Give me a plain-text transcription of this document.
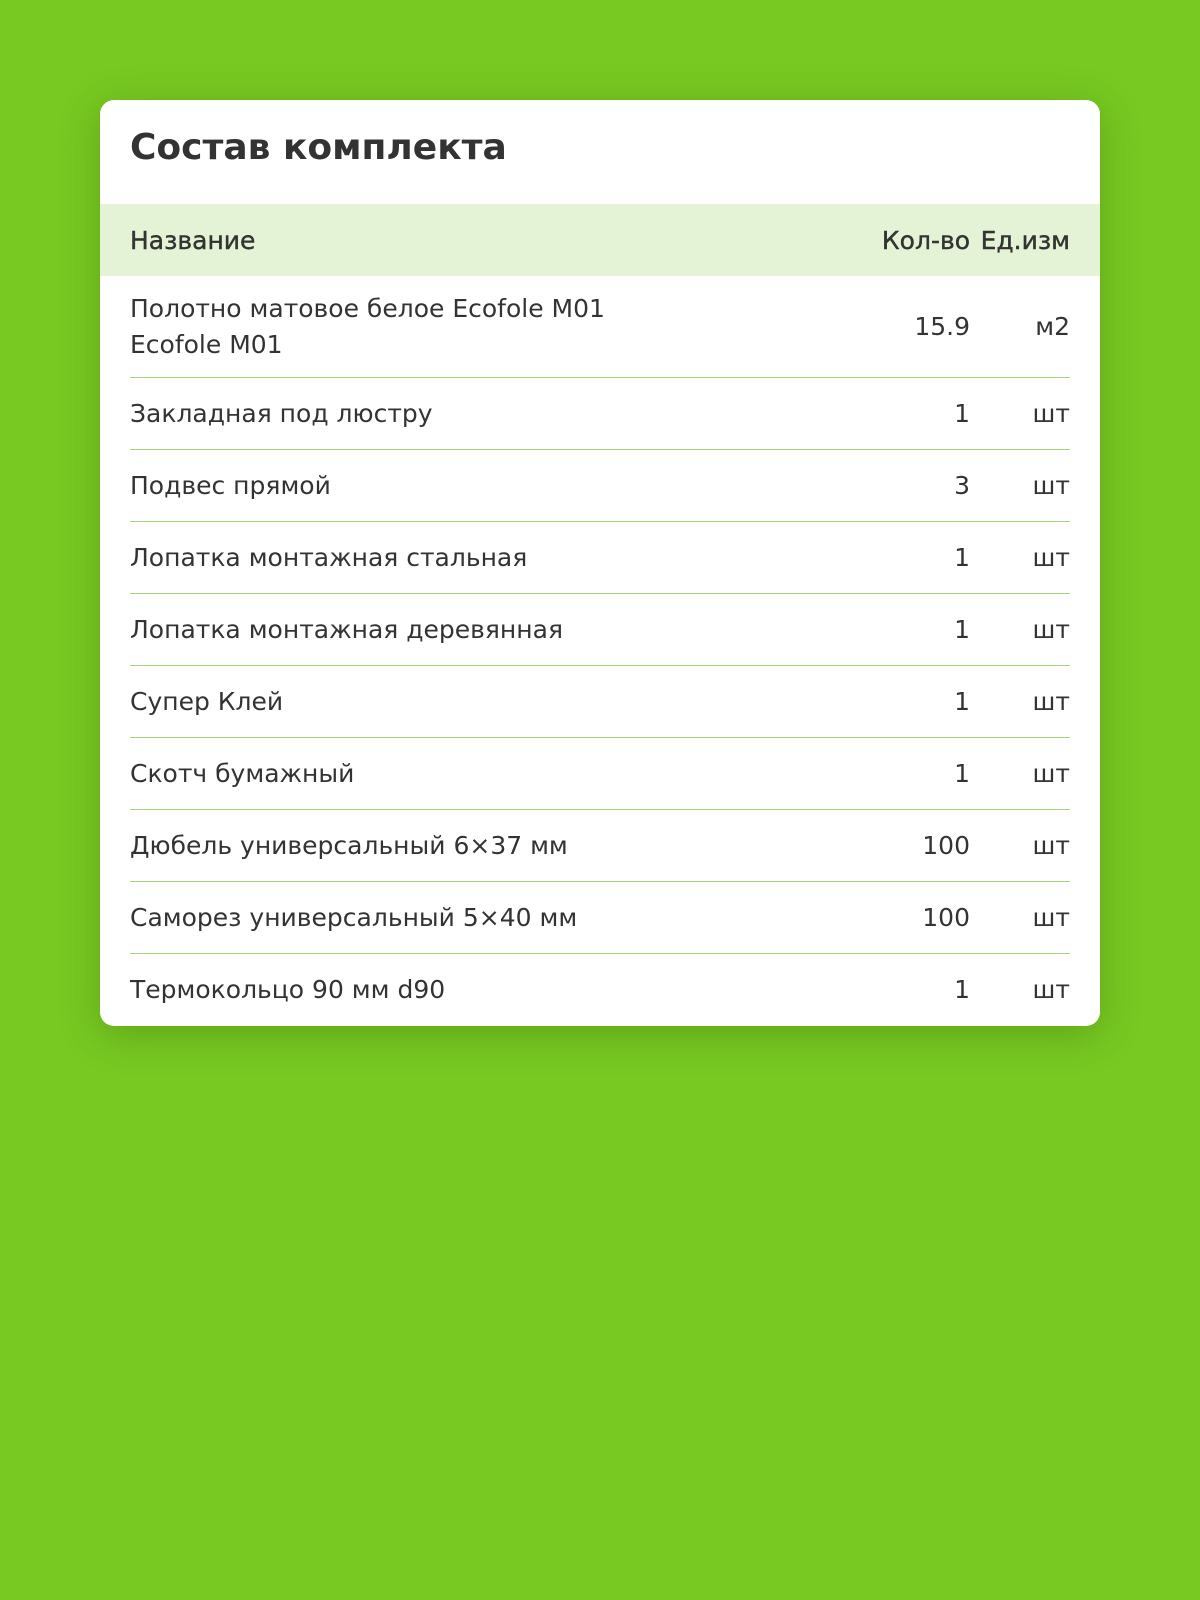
Состав комплекта
Название	Кол-во	Ед.изм
Полотно матовое белое Ecofole M01
Ecofole M01	15.9	м2
Закладная под люстру	1	шт
Подвес прямой	3	шт
Лопатка монтажная стальная	1	шт
Лопатка монтажная деревянная	1	шт
Супер Клей	1	шт
Скотч бумажный	1	шт
Дюбель универсальный 6×37 мм	100	шт
Саморез универсальный 5×40 мм	100	шт
Термокольцо 90 мм d90	1	шт
